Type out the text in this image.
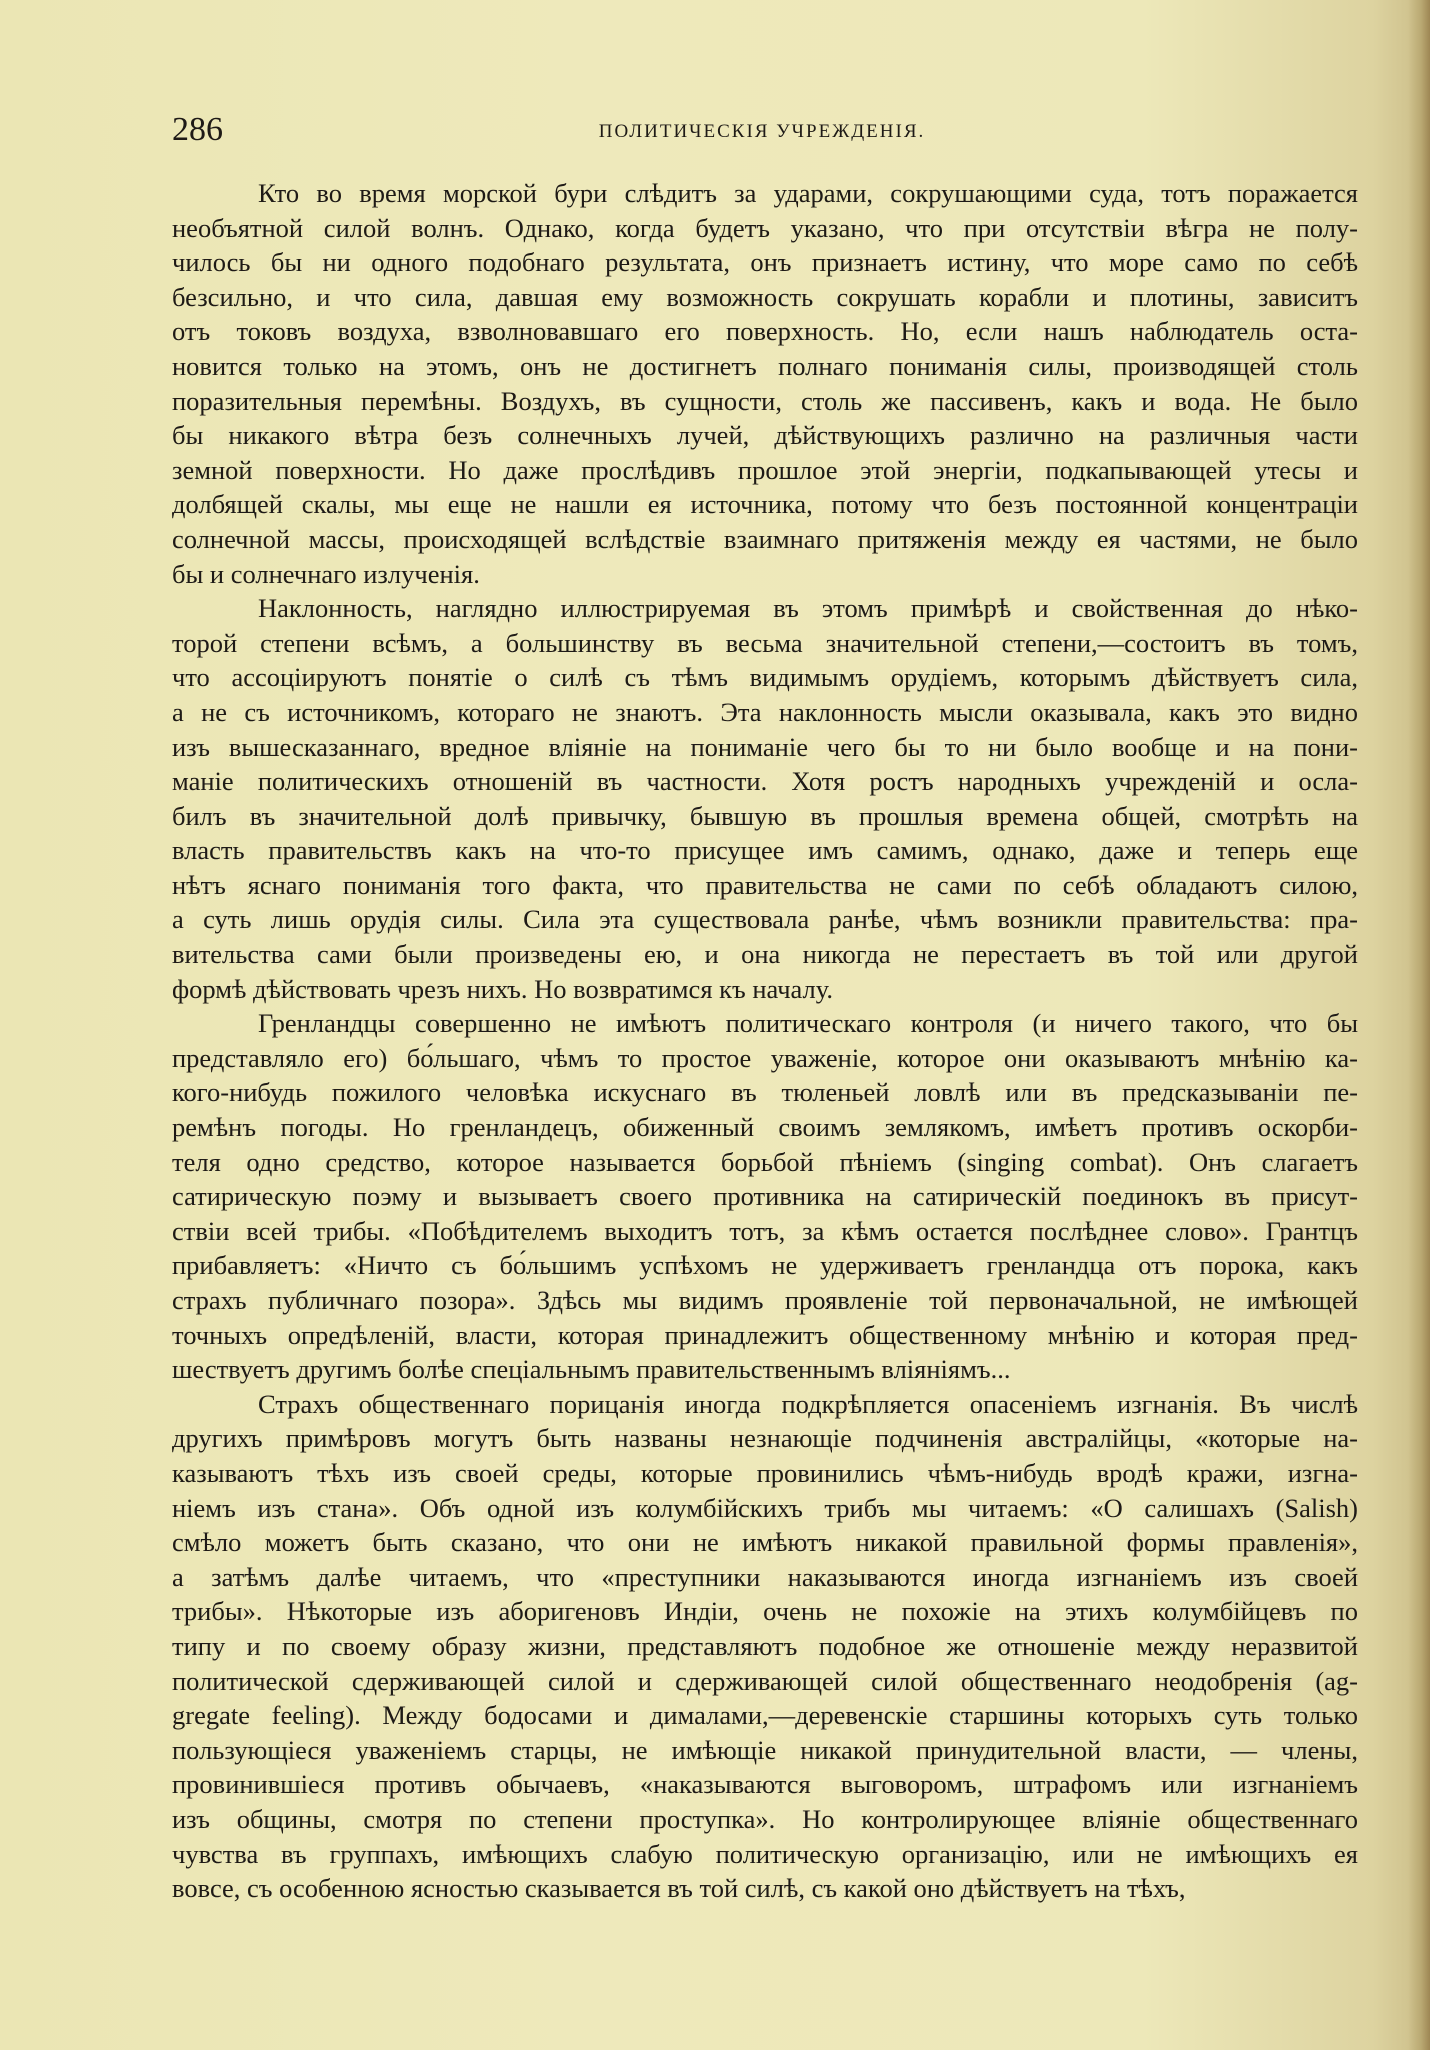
286	ПОЛИТИЧЕСКІЯ УЧРЕЖДЕНІЯ.
Кто во время морской бури слѣдитъ за ударами, сокрушающими суда, тотъ поражается
необъятной силой волнъ. Однако, когда будетъ указано, что при отсутствіи вѣгра не полу-
чилось бы ни одного подобнаго результата, онъ признаетъ истину, что море само по себѣ
безсильно, и что сила, давшая ему возможность сокрушать корабли и плотины, зависитъ
отъ токовъ воздуха, взволновавшаго его поверхность. Но, если нашъ наблюдатель оста-
новится только на этомъ, онъ не достигнетъ полнаго пониманія силы, производящей столь
поразительныя перемѣны. Воздухъ, въ сущности, столь же пассивенъ, какъ и вода. Не было
бы никакого вѣтра безъ солнечныхъ лучей, дѣйствующихъ различно на различныя части
земной поверхности. Но даже прослѣдивъ прошлое этой энергіи, подкапывающей утесы и
долбящей скалы, мы еще не нашли ея источника, потому что безъ постоянной концентраціи
солнечной массы, происходящей вслѣдствіе взаимнаго притяженія между ея частями, не было
бы и солнечнаго излученія.
Наклонность, наглядно иллюстрируемая въ этомъ примѣрѣ и свойственная до нѣко-
торой степени всѣмъ, а большинству въ весьма значительной степени,—состоитъ въ томъ,
что ассоціируютъ понятіе о силѣ съ тѣмъ видимымъ орудіемъ, которымъ дѣйствуетъ сила,
а не съ источникомъ, котораго не знаютъ. Эта наклонность мысли оказывала, какъ это видно
изъ вышесказаннаго, вредное вліяніе на пониманіе чего бы то ни было вообще и на пони-
маніе политическихъ отношеній въ частности. Хотя ростъ народныхъ учрежденій и осла-
билъ въ значительной долѣ привычку, бывшую въ прошлыя времена общей, смотрѣть на
власть правительствъ какъ на что-то присущее имъ самимъ, однако, даже и теперь еще
нѣтъ яснаго пониманія того факта, что правительства не сами по себѣ обладаютъ силою,
а суть лишь орудія силы. Сила эта существовала ранѣе, чѣмъ возникли правительства: пра-
вительства сами были произведены ею, и она никогда не перестаетъ въ той или другой
формѣ дѣйствовать чрезъ нихъ. Но возвратимся къ началу.
Гренландцы совершенно не имѣютъ политическаго контроля (и ничего такого, что бы
представляло его) бо́льшаго, чѣмъ то простое уваженіе, которое они оказываютъ мнѣнію ка-
кого-нибудь пожилого человѣка искуснаго въ тюленьей ловлѣ или въ предсказываніи пе-
ремѣнъ погоды. Но гренландецъ, обиженный своимъ землякомъ, имѣетъ противъ оскорби-
теля одно средство, которое называется борьбой пѣніемъ (singing combat). Онъ слагаетъ
сатирическую поэму и вызываетъ своего противника на сатирическій поединокъ въ присут-
ствіи всей трибы. «Побѣдителемъ выходитъ тотъ, за кѣмъ остается послѣднее слово». Грантцъ
прибавляетъ: «Ничто съ бо́льшимъ успѣхомъ не удерживаетъ гренландца отъ порока, какъ
страхъ публичнаго позора». Здѣсь мы видимъ проявленіе той первоначальной, не имѣющей
точныхъ опредѣленій, власти, которая принадлежитъ общественному мнѣнію и которая пред-
шествуетъ другимъ болѣе спеціальнымъ правительственнымъ вліяніямъ...
Страхъ общественнаго порицанія иногда подкрѣпляется опасеніемъ изгнанія. Въ числѣ
другихъ примѣровъ могутъ быть названы незнающіе подчиненія австралійцы, «которые на-
казываютъ тѣхъ изъ своей среды, которые провинились чѣмъ-нибудь вродѣ кражи, изгна-
ніемъ изъ стана». Объ одной изъ колумбійскихъ трибъ мы читаемъ: «О салишахъ (Salish)
смѣло можетъ быть сказано, что они не имѣютъ никакой правильной формы правленія»,
а затѣмъ далѣе читаемъ, что «преступники наказываются иногда изгнаніемъ изъ своей
трибы». Нѣкоторые изъ аборигеновъ Индіи, очень не похожіе на этихъ колумбійцевъ по
типу и по своему образу жизни, представляютъ подобное же отношеніе между неразвитой
политической сдерживающей силой и сдерживающей силой общественнаго неодобренія (ag-
gregate feeling). Между бодосами и дималами,—деревенскіе старшины которыхъ суть только
пользующіеся уваженіемъ старцы, не имѣющіе никакой принудительной власти, — члены,
провинившіеся противъ обычаевъ, «наказываются выговоромъ, штрафомъ или изгнаніемъ
изъ общины, смотря по степени проступка». Но контролирующее вліяніе общественнаго
чувства въ группахъ, имѣющихъ слабую политическую организацію, или не имѣющихъ ея
вовсе, съ особенною ясностью сказывается въ той силѣ, съ какой оно дѣйствуетъ на тѣхъ,
